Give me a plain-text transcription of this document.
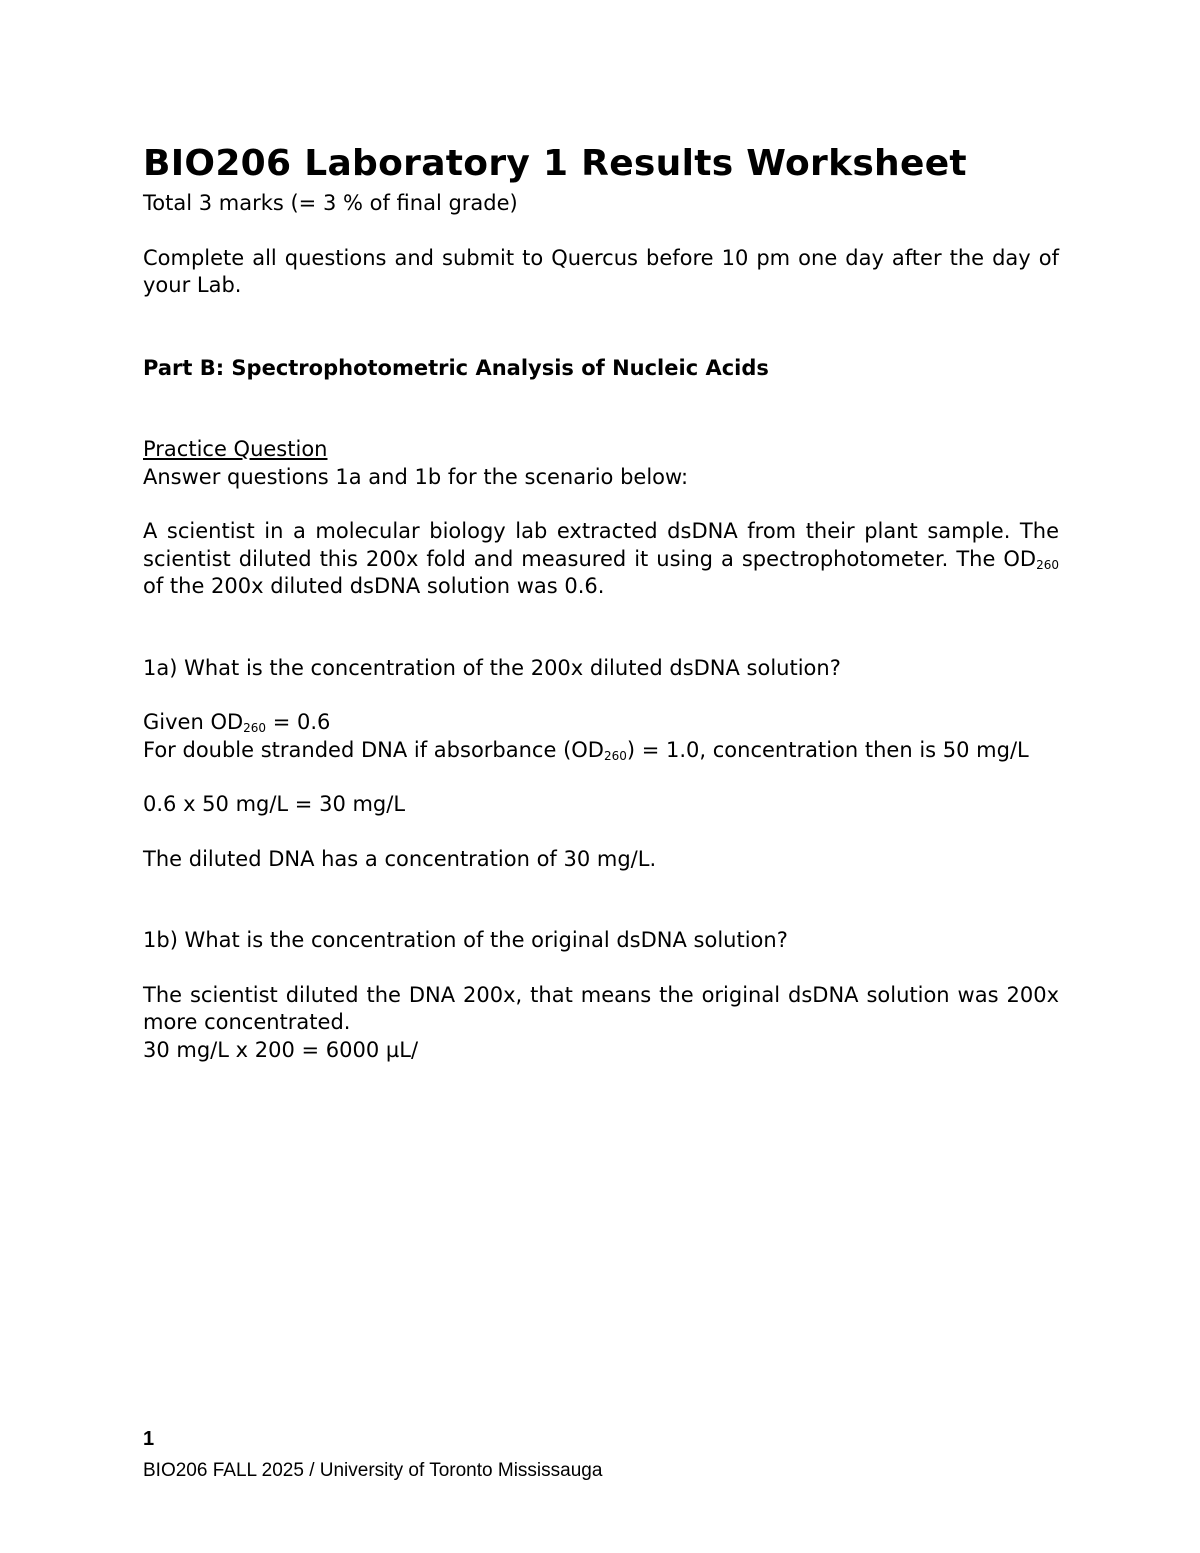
BIO206 Laboratory 1 Results Worksheet

Total 3 marks (= 3 % of final grade)

Complete all questions and submit to Quercus before 10 pm one day after the day of your Lab.

Part B: Spectrophotometric Analysis of Nucleic Acids

Practice Question

Answer questions 1a and 1b for the scenario below:

A scientist in a molecular biology lab extracted dsDNA from their plant sample. The scientist diluted this 200x fold and measured it using a spectrophotometer. The $OD_{260}$ of the 200x diluted dsDNA solution was 0.6.

1a) What is the concentration of the 200x diluted dsDNA solution?

Given $OD_{260} = 0.6$

For double stranded DNA if absorbance $(OD_{260}) = 1.0$, concentration then is 50 mg/L

0.6 x 50 mg/L = 30 mg/L

The diluted DNA has a concentration of 30 mg/L.

1b) What is the concentration of the original dsDNA solution?

The scientist diluted the DNA 200x, that means the original dsDNA solution was 200x more concentrated.

30 mg/L x 200 = 6000 µL/

1
BIO206 FALL 2025 / University of Toronto Mississauga
